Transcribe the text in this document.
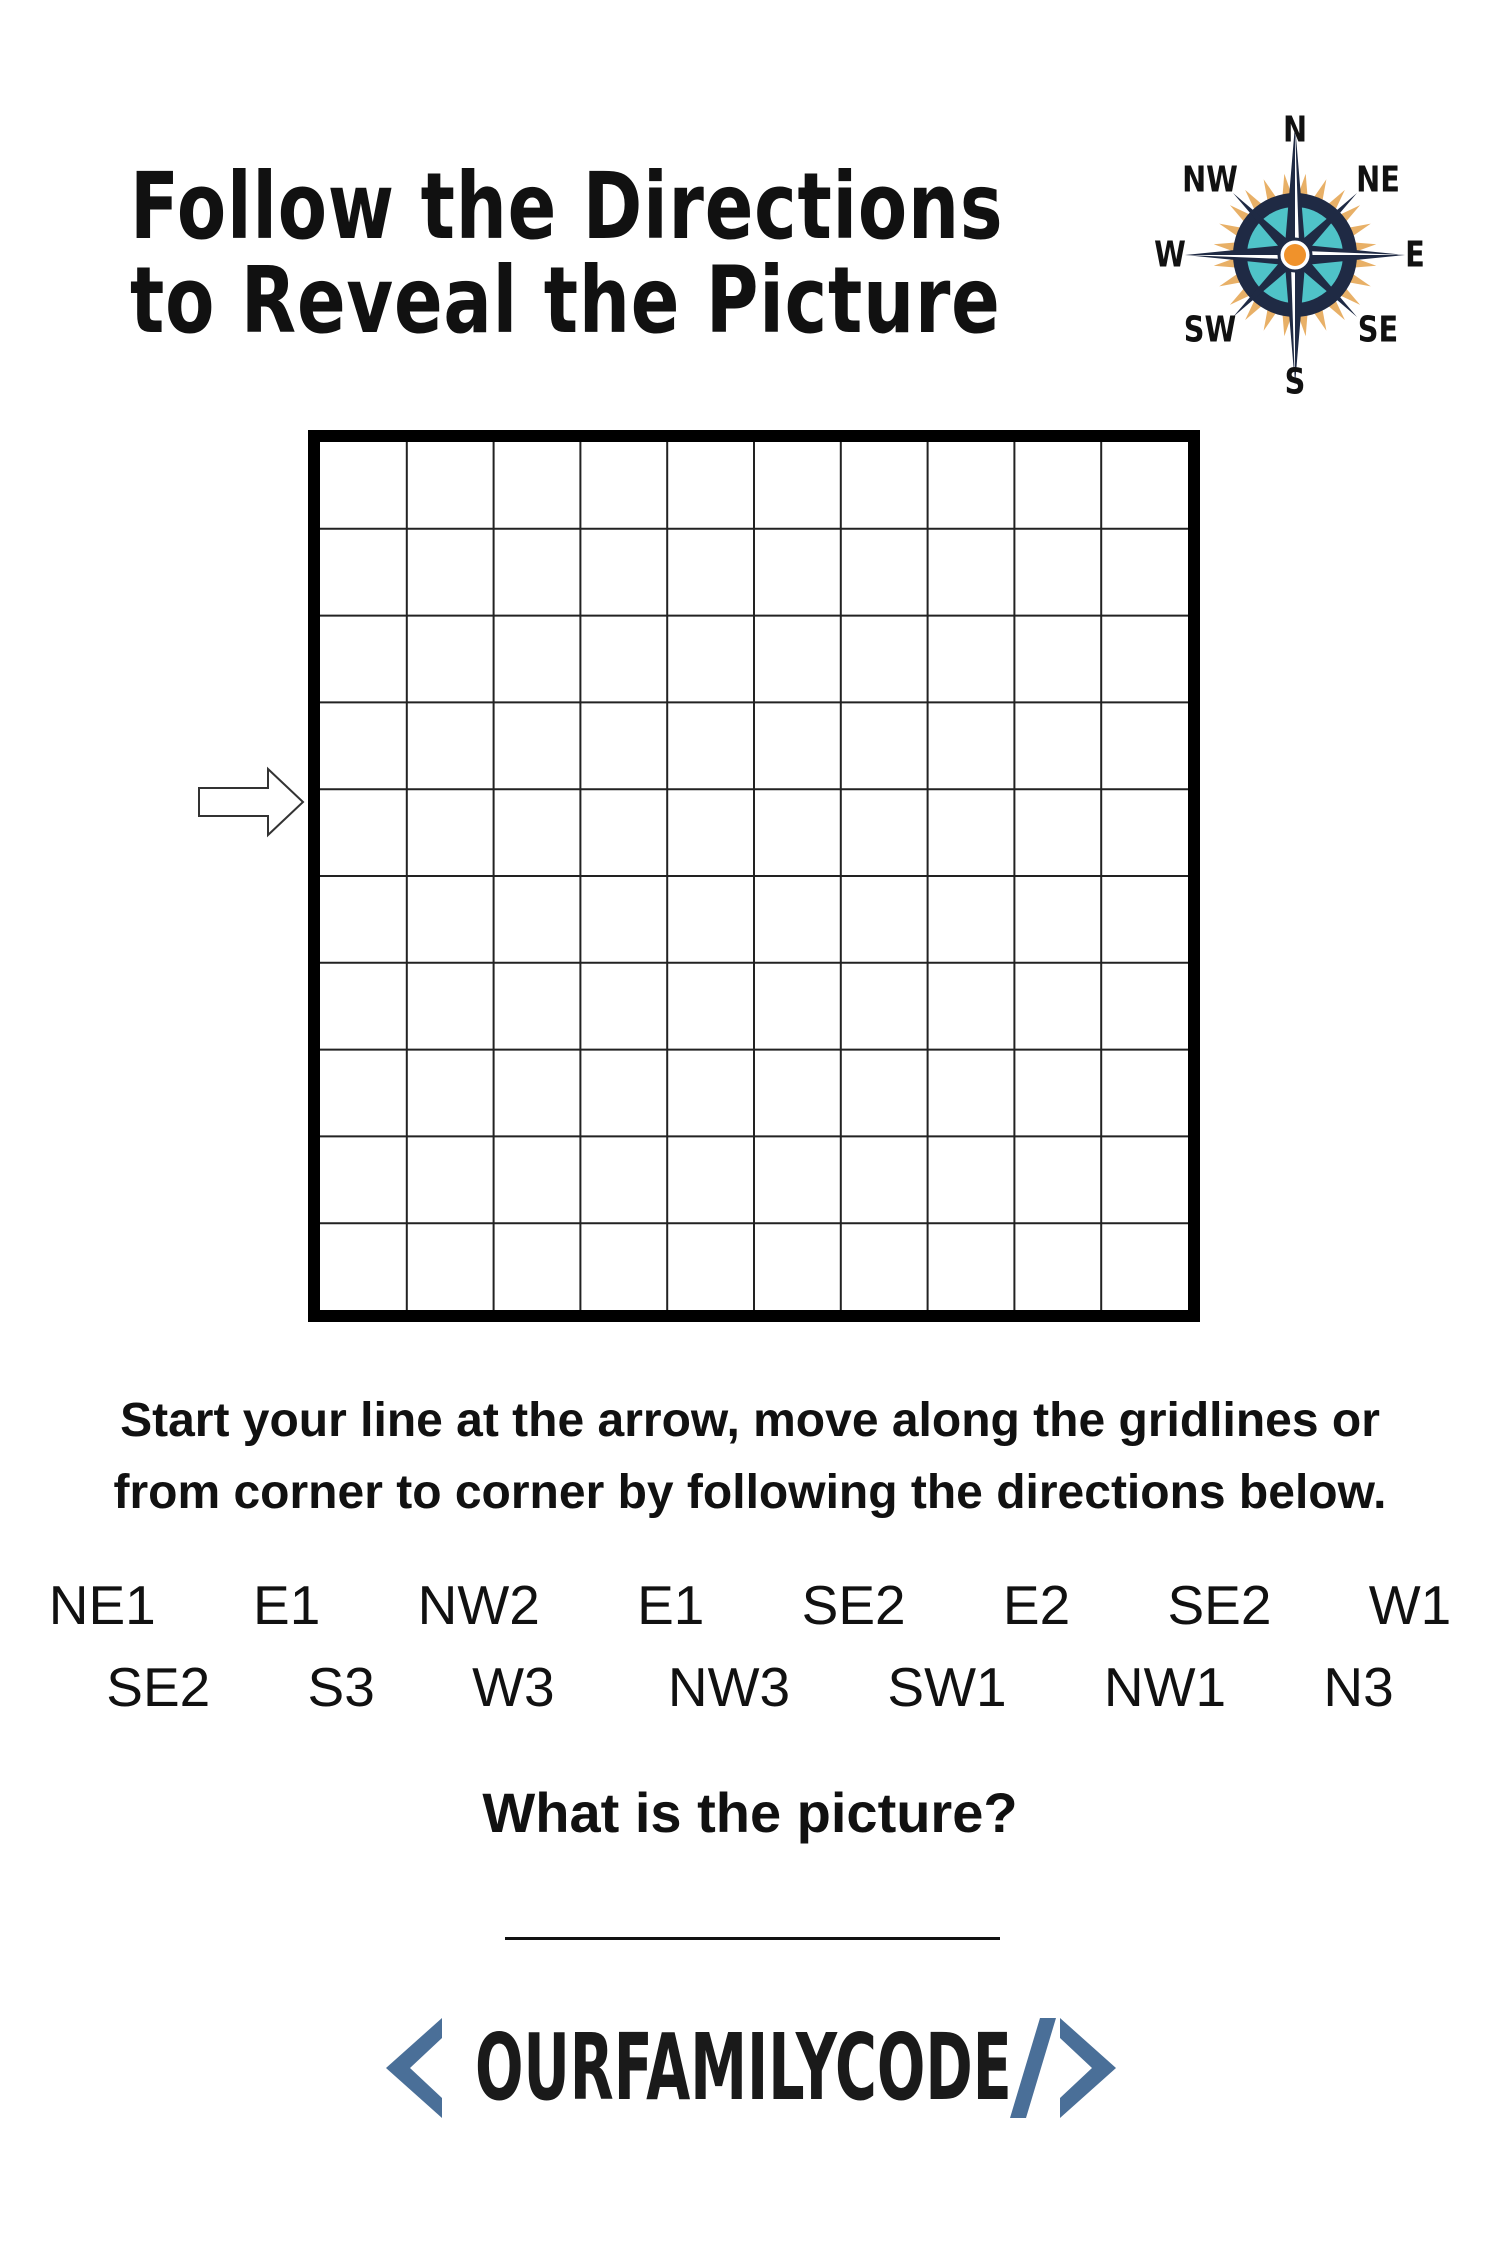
Follow the Directions
to Reveal the Picture
N
NE
E
SE
S
SW
W
NW

Start your line at the arrow, move along the gridlines or
from corner to corner by following the directions below.

NE1 E1 NW2 E1 SE2 E2 SE2 W1
SE2 S3 W3 NW3 SW1 NW1 N3

What is the picture?

OURFAMILYCODE
